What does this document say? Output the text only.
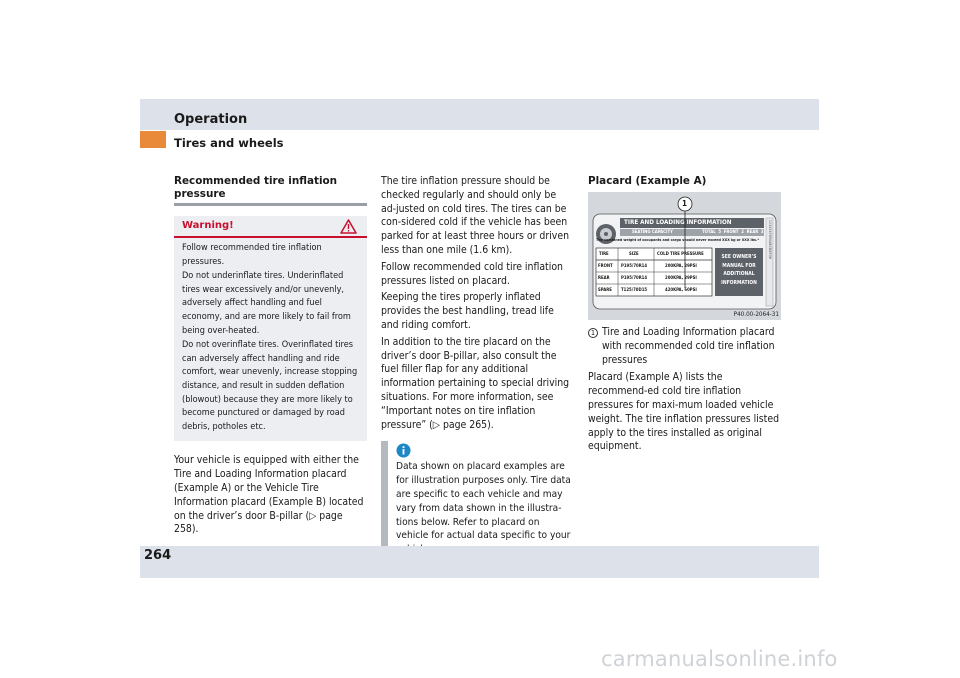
Operation
Tires and wheels
Recommended tire inflation pressure
Warning!

Follow recommended tire inflation pressures.

Do not underinflate tires. Underinflated tires wear excessively and/or unevenly, adversely affect handling and fuel economy, and are more likely to fail from being over-heated.

Do not overinflate tires. Overinflated tires can adversely affect handling and ride comfort, wear unevenly, increase stopping distance, and result in sudden deflation (blowout) because they are more likely to become punctured or damaged by road debris, potholes etc.

Your vehicle is equipped with either the Tire and Loading Information placard (Example A) or the Vehicle Tire Information placard (Example B) located on the driver’s door B-pillar (▷ page 258).

The tire inflation pressure should be checked regularly and should only be ad-justed on cold tires. The tires can be con-sidered cold if the vehicle has been parked for at least three hours or driven less than one mile (1.6 km).

Follow recommended cold tire inflation pressures listed on placard.

Keeping the tires properly inflated provides the best handling, tread life and riding comfort.

In addition to the tire placard on the driver’s door B-pillar, also consult the fuel filler flap for any additional information pertaining to special driving situations. For more information, see “Important notes on tire inflation pressure” (▷ page 265).

Data shown on placard examples are for illustration purposes only. Tire data are specific to each vehicle and may vary from data shown in the illustra-tions below. Refer to placard on vehicle for actual data specific to your
Placard (Example A)
1
TIRE AND LOADING INFORMATION
SEATING CAPACITY	TOTAL  5  FRONT  2  REAR  3
The combined weight of occupants and cargo should never exceed XXX kg or XXX lbs.*
TIRE	SIZE	COLD TIRE PRESSURE
FRONT P195/70R14	200KPA, 29PSI
REAR	P195/70R14	200KPA, 29PSI
SPARE T125/70D15	420KPA, 60PSI
SEE OWNER’S
MANUAL FOR
ADDITIONAL
INFORMATION
1234567890ABCDEFGH
P40.00-2064-31
1 Tire and Loading Information placard with recommended cold tire inflation pressures

Placard (Example A) lists the recommend-ed cold tire inflation pressures for maxi-mum loaded vehicle weight. The tire inflation pressures listed apply to the tires installed as original equipment.

264
carmanualsonline.info
